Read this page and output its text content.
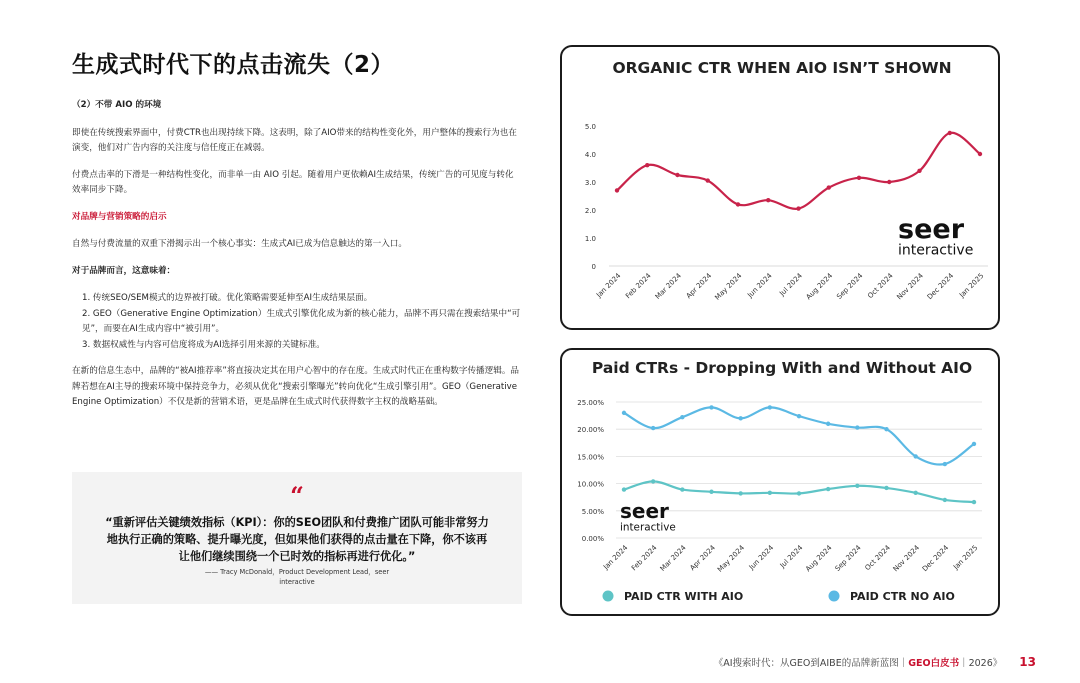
生成式时代下的点击流失（2）

（2）不带 AIO 的环境

即使在传统搜索界面中，付费CTR也出现持续下降。这表明，除了AIO带来的结构性变化外，用户整体的搜索行为也在演变，他们对广告内容的关注度与信任度正在减弱。

付费点击率的下滑是一种结构性变化，而非单一由 AIO 引起。随着用户更依赖AI生成结果，传统广告的可见度与转化效率同步下降。

对品牌与营销策略的启示

自然与付费流量的双重下滑揭示出一个核心事实：生成式AI已成为信息触达的第一入口。

对于品牌而言，这意味着：

1. 传统SEO/SEM模式的边界被打破。优化策略需要延伸至AI生成结果层面。
2. GEO（Generative Engine Optimization）生成式引擎优化成为新的核心能力，品牌不再只需在搜索结果中“可见”，而要在AI生成内容中“被引用”。
3. 数据权威性与内容可信度将成为AI选择引用来源的关键标准。

在新的信息生态中，品牌的“被AI推荐率”将直接决定其在用户心智中的存在度。生成式时代正在重构数字传播逻辑。品牌若想在AI主导的搜索环境中保持竞争力，必须从优化“搜索引擎曝光”转向优化“生成引擎引用”。GEO（Generative Engine Optimization）不仅是新的营销术语，更是品牌在生成式时代获得数字主权的战略基础。

“
“重新评估关键绩效指标（KPI）：你的SEO团队和付费推广团队可能非常努力地执行正确的策略、提升曝光度，但如果他们获得的点击量在下降，你不该再让他们继续围绕一个已时效的指标再进行优化。”
—— Tracy McDonald，Product Development Lead，seer interactive
ORGANIC CTR WHEN AIO ISN’T SHOWN
0
1.0
2.0
3.0
4.0
5.0
Jan 2024 Feb 2024 Mar 2024 Apr 2024 May 2024 Jun 2024 Jul 2024 Aug 2024 Sep 2024 Oct 2024 Nov 2024 Dec 2024 Jan 2025
seer
interactive
Paid CTRs - Dropping With and Without AIO
0.00%
5.00%
10.00%
15.00%
20.00%
25.00%
Jan 2024 Feb 2024 Mar 2024 Apr 2024 May 2024 Jun 2024 Jul 2024 Aug 2024 Sep 2024 Oct 2024 Nov 2024 Dec 2024 Jan 2025
seer
interactive
PAID CTR WITH AIO	PAID CTR NO AIO
《AI搜索时代：从GEO到AIBE的品牌新蓝图｜GEO白皮书｜2026》 13
